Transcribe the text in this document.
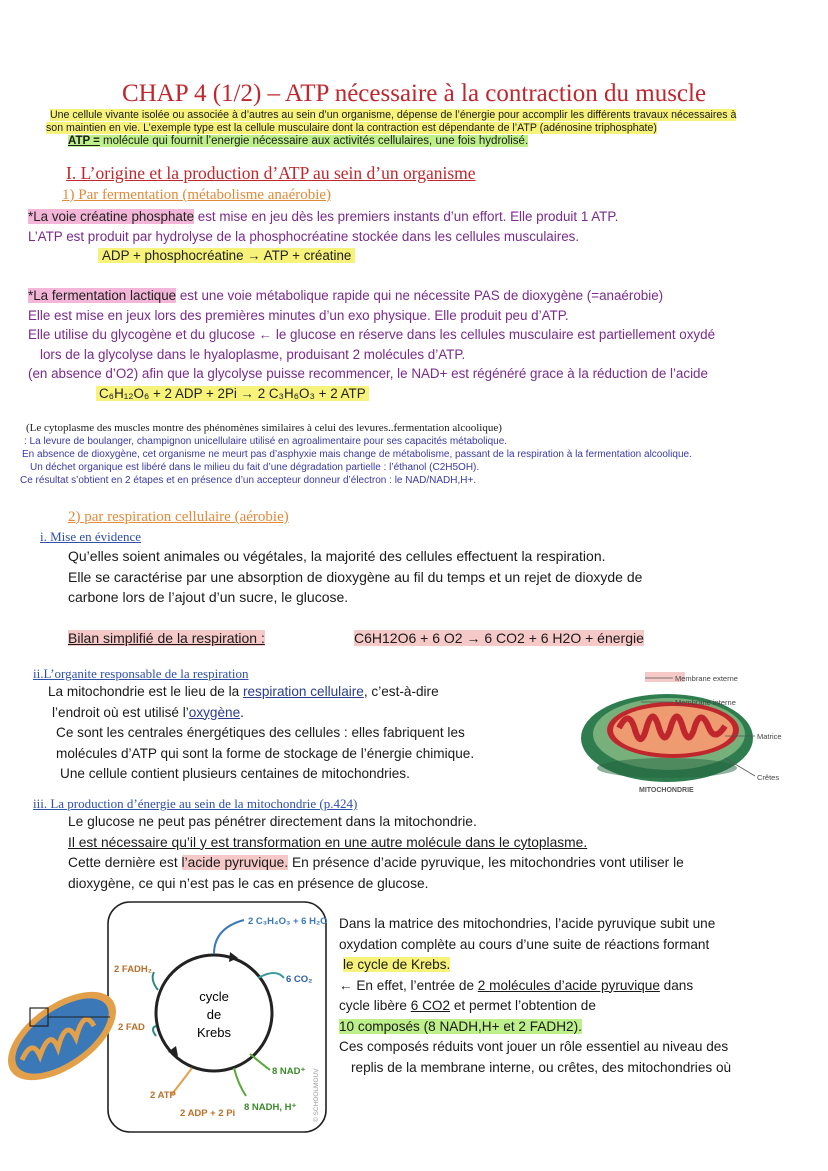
CHAP 4 (1/2) – ATP nécessaire à la contraction du muscle
Une cellule vivante isolée ou associée à d’autres au sein d’un organisme, dépense de l’énergie pour accomplir les différents travaux nécessaires à
son maintien en vie. L’exemple type est la cellule musculaire dont la contraction est dépendante de l’ATP (adénosine triphosphate)
ATP = molécule qui fournit l’energie nécessaire aux activités cellulaires, une fois hydrolisé.
I. L’origine et la production d’ATP au sein d’un organisme
1) Par fermentation (métabolisme anaérobie)
*La voie créatine phosphate est mise en jeu dès les premiers instants d’un effort. Elle produit 1 ATP.
L’ATP est produit par hydrolyse de la phosphocréatine stockée dans les cellules musculaires.
ADP + phosphocréatine → ATP + créatine
*La fermentation lactique est une voie métabolique rapide qui ne nécessite PAS de dioxygène (=anaérobie)
Elle est mise en jeux lors des premières minutes d’un exo physique. Elle produit peu d’ATP.
Elle utilise du glycogène et du glucose ← le glucose en réserve dans les cellules musculaire est partiellement oxydé
lors de la glycolyse dans le hyaloplasme, produisant 2 molécules d’ATP.
(en absence d’O2) afin que la glycolyse puisse recommencer, le NAD+ est régénéré grace à la réduction de l’acide
C₆H₁₂O₆ + 2 ADP + 2Pi → 2 C₃H₆O₃ + 2 ATP
(Le cytoplasme des muscles montre des phénomènes similaires à celui des levures..fermentation alcoolique)
: La levure de boulanger, champignon unicellulaire utilisé en agroalimentaire pour ses capacités métabolique.
En absence de dioxygène, cet organisme ne meurt pas d’asphyxie mais change de métabolisme, passant de la respiration à la fermentation alcoolique.
Un déchet organique est libéré dans le milieu du fait d’une dégradation partielle : l’éthanol (C2H5OH).
Ce résultat s’obtient en 2 étapes et en présence d’un accepteur donneur d’électron : le NAD/NADH,H+.
2) par respiration cellulaire (aérobie)
i. Mise en évidence
Qu’elles soient animales ou végétales, la majorité des cellules effectuent la respiration.
Elle se caractérise par une absorption de dioxygène au fil du temps et un rejet de dioxyde de
carbone lors de l’ajout d’un sucre, le glucose.
Bilan simplifié de la respiration :	C6H12O6 + 6 O2 → 6 CO2 + 6 H2O + énergie
ii.L’organite responsable de la respiration
La mitochondrie est le lieu de la respiration cellulaire, c’est-à-dire
l’endroit où est utilisé l’oxygène.
Ce sont les centrales énergétiques des cellules : elles fabriquent les
molécules d’ATP qui sont la forme de stockage de l’énergie chimique.
Une cellule contient plusieurs centaines de mitochondries.
Membrane externe
Membrane interne
Matrice
Crêtes
MITOCHONDRIE
iii. La production d’énergie au sein de la mitochondrie (p.424)
Le glucose ne peut pas pénétrer directement dans la mitochondrie.
Il est nécessaire qu’il y est transformation en une autre molécule dans le cytoplasme.
Cette dernière est l’acide pyruvique. En présence d’acide pyruvique, les mitochondries vont utiliser le
dioxygène, ce qui n’est pas le cas en présence de glucose.
cycle
de
Krebs
2 C₃H₄O₃ + 6 H₂O
6 CO₂
2 FADH₂
2 FAD
8 NAD⁺
8 NADH, H⁺
2 ATP
2 ADP + 2 Pi	© SCHOOLMOUV
Dans la matrice des mitochondries, l’acide pyruvique subit une
oxydation complète au cours d’une suite de réactions formant
le cycle de Krebs.
← En effet, l’entrée de 2 molécules d’acide pyruvique dans
cycle libère 6 CO2 et permet l’obtention de
10 composés (8 NADH,H+ et 2 FADH2).
Ces composés réduits vont jouer un rôle essentiel au niveau des
replis de la membrane interne, ou crêtes, des mitochondries où
